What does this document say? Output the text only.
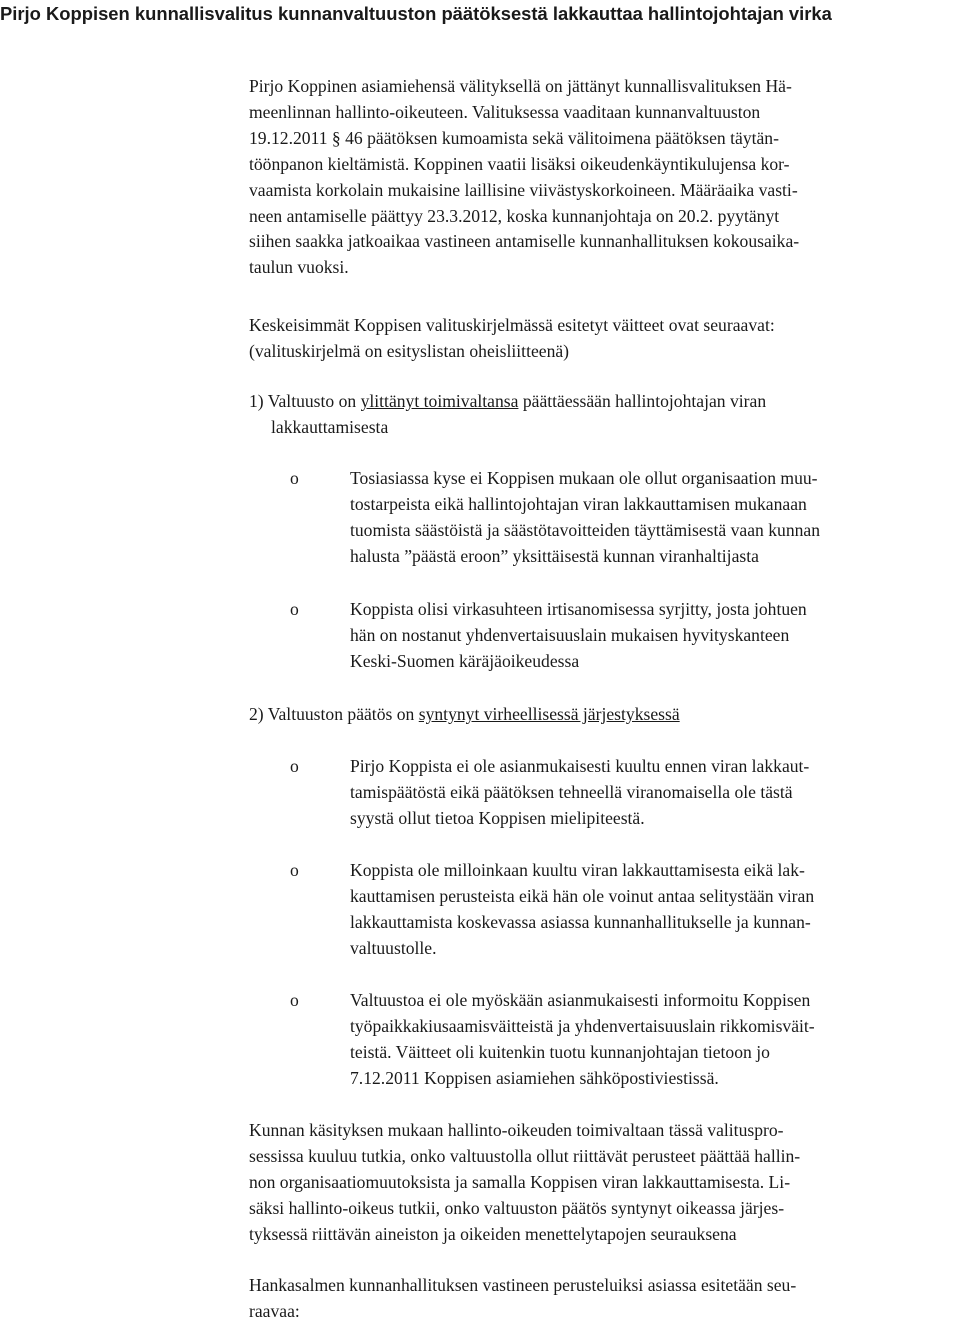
Pirjo Koppisen kunnallisvalitus kunnanvaltuuston päätöksestä lakkauttaa hallintojohtajan virka

Pirjo Koppinen asiamiehensä välityksellä on jättänyt kunnallisvalituksen Hä-
meenlinnan hallinto-oikeuteen. Valituksessa vaaditaan kunnanvaltuuston
19.12.2011 § 46 päätöksen kumoamista sekä välitoimena päätöksen täytän-
töönpanon kieltämistä. Koppinen vaatii lisäksi oikeudenkäyntikulujensa kor-
vaamista korkolain mukaisine laillisine viivästyskorkoineen. Määräaika vasti-
neen antamiselle päättyy 23.3.2012, koska kunnanjohtaja on 20.2. pyytänyt
siihen saakka jatkoaikaa vastineen antamiselle kunnanhallituksen kokousaika-
taulun vuoksi.

Keskeisimmät Koppisen valituskirjelmässä esitetyt väitteet ovat seuraavat:
(valituskirjelmä on esityslistan oheisliitteenä)

1) Valtuusto on ylittänyt toimivaltansa päättäessään hallintojohtajan viran
lakkauttamisesta

o	Tosiasiassa kyse ei Koppisen mukaan ole ollut organisaation muu-
tostarpeista eikä hallintojohtajan viran lakkauttamisen mukanaan
tuomista säästöistä ja säästötavoitteiden täyttämisestä vaan kunnan
halusta ”päästä eroon” yksittäisestä kunnan viranhaltijasta
o	Koppista olisi virkasuhteen irtisanomisessa syrjitty, josta johtuen
hän on nostanut yhdenvertaisuuslain mukaisen hyvityskanteen
Keski-Suomen käräjäoikeudessa

2) Valtuuston päätös on syntynyt virheellisessä järjestyksessä

o	Pirjo Koppista ei ole asianmukaisesti kuultu ennen viran lakkaut-
tamispäätöstä eikä päätöksen tehneellä viranomaisella ole tästä
syystä ollut tietoa Koppisen mielipiteestä.
o	Koppista ole milloinkaan kuultu viran lakkauttamisesta eikä lak-
kauttamisen perusteista eikä hän ole voinut antaa selitystään viran
lakkauttamista koskevassa asiassa kunnanhallitukselle ja kunnan-
valtuustolle.
o	Valtuustoa ei ole myöskään asianmukaisesti informoitu Koppisen
työpaikkakiusaamisväitteistä ja yhdenvertaisuuslain rikkomisväit-
teistä. Väitteet oli kuitenkin tuotu kunnanjohtajan tietoon jo
7.12.2011 Koppisen asiamiehen sähköpostiviestissä.

Kunnan käsityksen mukaan hallinto-oikeuden toimivaltaan tässä valituspro-
sessissa kuuluu tutkia, onko valtuustolla ollut riittävät perusteet päättää hallin-
non organisaatiomuutoksista ja samalla Koppisen viran lakkauttamisesta. Li-
säksi hallinto-oikeus tutkii, onko valtuuston päätös syntynyt oikeassa järjes-
tyksessä riittävän aineiston ja oikeiden menettelytapojen seurauksena

Hankasalmen kunnanhallituksen vastineen perusteluiksi asiassa esitetään seu-
raavaa:
